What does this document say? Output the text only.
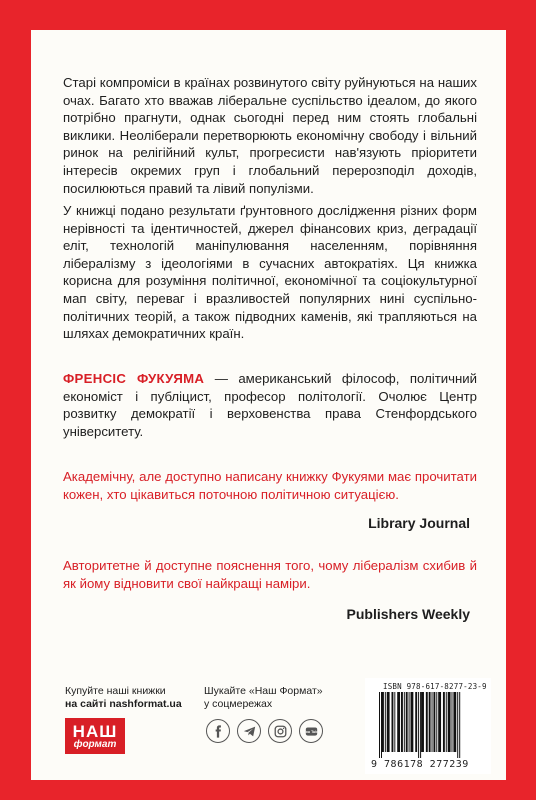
Старі компроміси в країнах розвинутого світу руйнуються на наших очах. Багато хто вважав ліберальне суспільство ідеалом, до якого потрібно прагнути, однак сьогодні перед ним стоять глобальні виклики. Неоліберали перетворюють економічну свободу і вільний ринок на релігійний культ, прогресисти нав'язують пріоритети інтересів окремих груп і глобальний перерозподіл доходів, посилюються правий та лівий популізми.

У книжці подано результати ґрунтовного дослідження різних форм нерівності та ідентичностей, джерел фінансових криз, деградації еліт, технологій маніпулювання населенням, порівняння лібералізму з ідеологіями в сучасних автократіях. Ця книжка корисна для розуміння політичної, економічної та соціокультурної мап світу, переваг і вразливостей популярних нині суспільно-політичних теорій, а також підводних каменів, які трапляються на шляхах демократичних країн.

ФРЕНСІС ФУКУЯМА — американський філософ, політичний економіст і публіцист, професор політології. Очолює Центр розвитку демократії і верховенства права Стенфордського університету.

Академічну, але доступно написану книжку Фукуями має прочитати кожен, хто цікавиться поточною політичною ситуацією.

Library Journal

Авторитетне й доступне пояснення того, чому лібералізм схибив й як йому відновити свої найкращі наміри.

Publishers Weekly
Купуйте наші книжки
на сайті nashformat.ua
НАШ
формат
Шукайте «Наш Формат»
у соцмережах
You Tube
ISBN 978-617-8277-23-9
9 786178 277239
